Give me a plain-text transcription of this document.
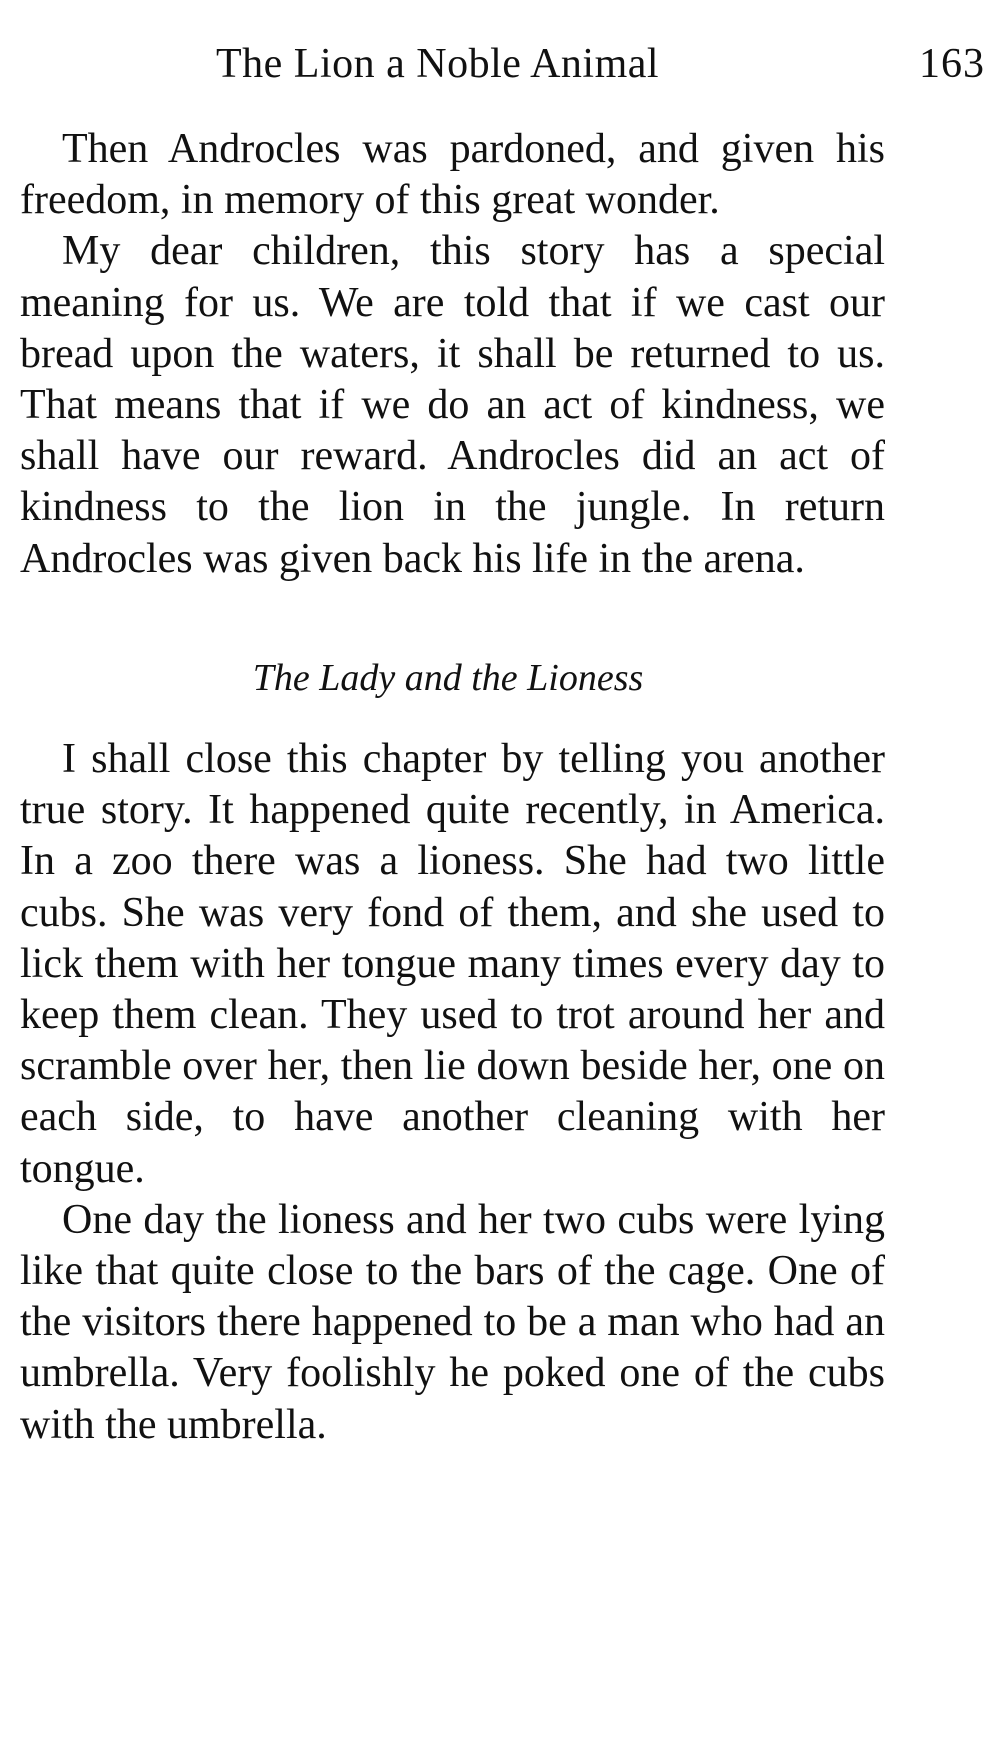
The Lion a Noble Animal	163

Then Androcles was pardoned, and given his freedom, in memory of this great wonder.

My dear children, this story has a special meaning for us. We are told that if we cast our bread upon the waters, it shall be returned to us. That means that if we do an act of kindness, we shall have our reward. Androcles did an act of kindness to the lion in the jungle. In return Androcles was given back his life in the arena.

The Lady and the Lioness

I shall close this chapter by telling you another true story. It happened quite recently, in America. In a zoo there was a lioness. She had two little cubs. She was very fond of them, and she used to lick them with her tongue many times every day to keep them clean. They used to trot around her and scramble over her, then lie down beside her, one on each side, to have another cleaning with her tongue.

One day the lioness and her two cubs were lying like that quite close to the bars of the cage. One of the visitors there happened to be a man who had an umbrella. Very foolishly he poked one of the cubs with the umbrella.
